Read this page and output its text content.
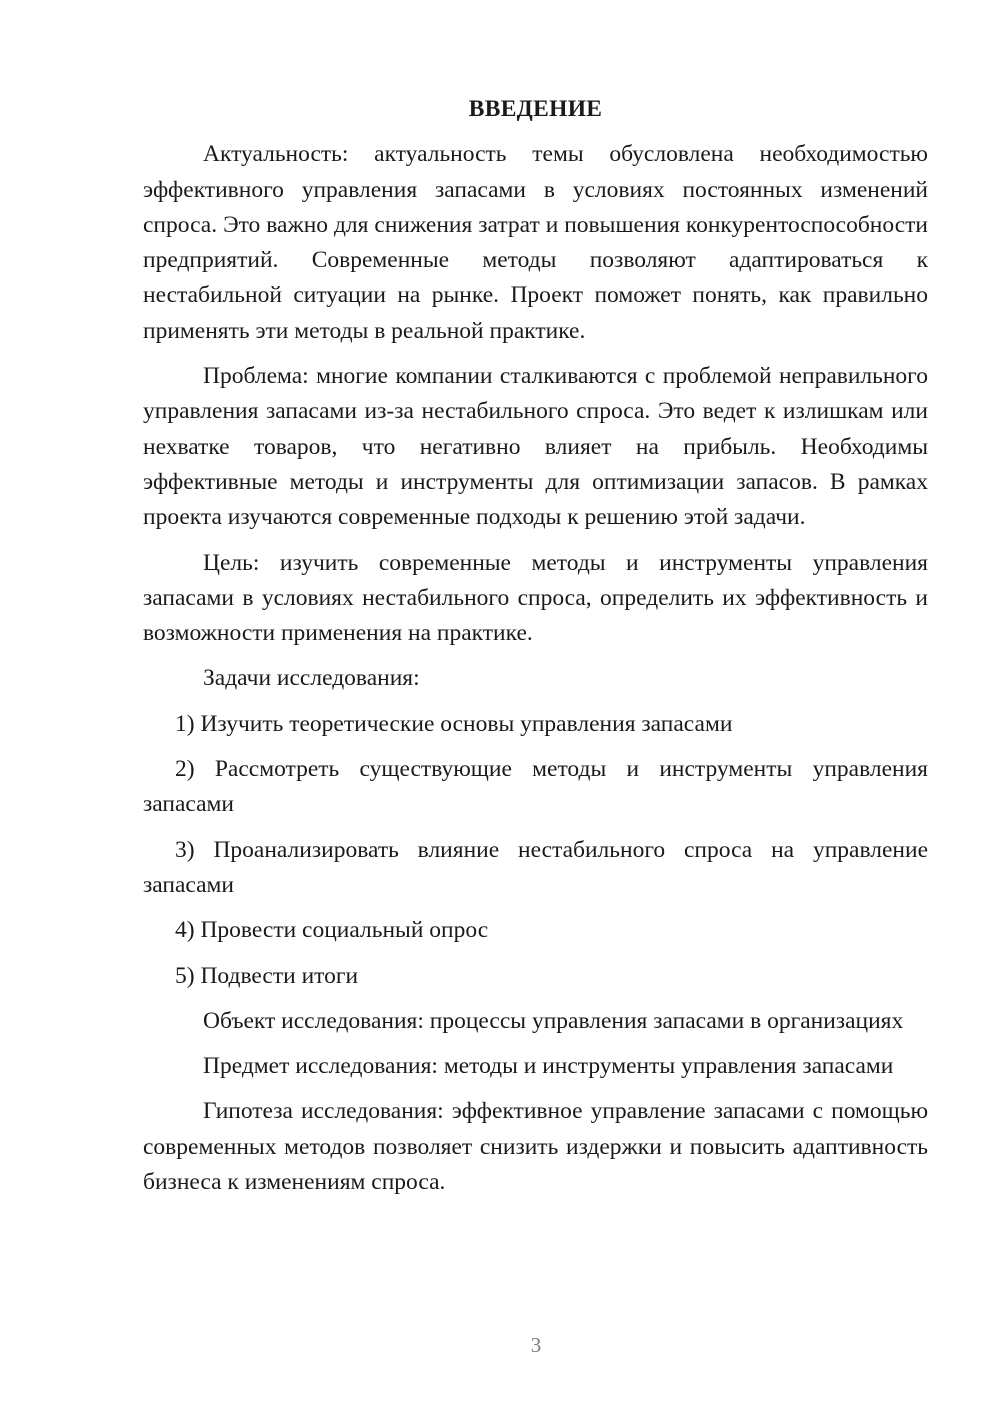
ВВЕДЕНИЕ

Актуальность: актуальность темы обусловлена необходимостью эффективного управления запасами в условиях постоянных изменений спроса. Это важно для снижения затрат и повышения конкурентоспособности предприятий. Современные методы позволяют адаптироваться к нестабильной ситуации на рынке. Проект поможет понять, как правильно применять эти методы в реальной практике.

Проблема: многие компании сталкиваются с проблемой неправильного управления запасами из-за нестабильного спроса. Это ведет к излишкам или нехватке товаров, что негативно влияет на прибыль. Необходимы эффективные методы и инструменты для оптимизации запасов. В рамках проекта изучаются современные подходы к решению этой задачи.

Цель: изучить современные методы и инструменты управления запасами в условиях нестабильного спроса, определить их эффективность и возможности применения на практике.

Задачи исследования:

1) Изучить теоретические основы управления запасами

2) Рассмотреть существующие методы и инструменты управления запасами

3) Проанализировать влияние нестабильного спроса на управление запасами

4) Провести социальный опрос

5) Подвести итоги

Объект исследования: процессы управления запасами в организациях

Предмет исследования: методы и инструменты управления запасами

Гипотеза исследования: эффективное управление запасами с помощью современных методов позволяет снизить издержки и повысить адаптивность бизнеса к изменениям спроса.

3
